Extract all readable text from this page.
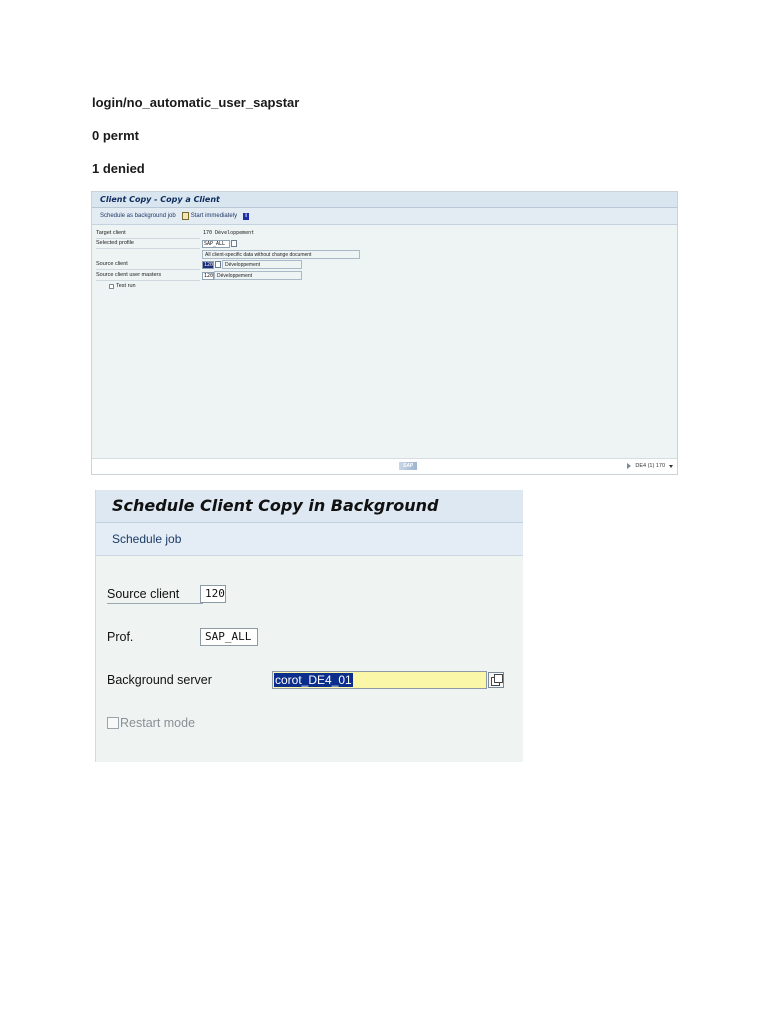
login/no_automatic_user_sapstar
0 permt
1 denied
Client Copy - Copy a Client
Schedule as background job	Start immediately	i
Target client	170 Développement
Selected profile	SAP_ALL
All client-specific data without change document
Source client	120	Développement
Source client user masters	120 Développement
Test run
SAP	DE4 (1) 170
Schedule Client Copy in Background
Schedule job
Source client	120
Prof.	SAP_ALL
Background server	corot_DE4_01
Restart mode
